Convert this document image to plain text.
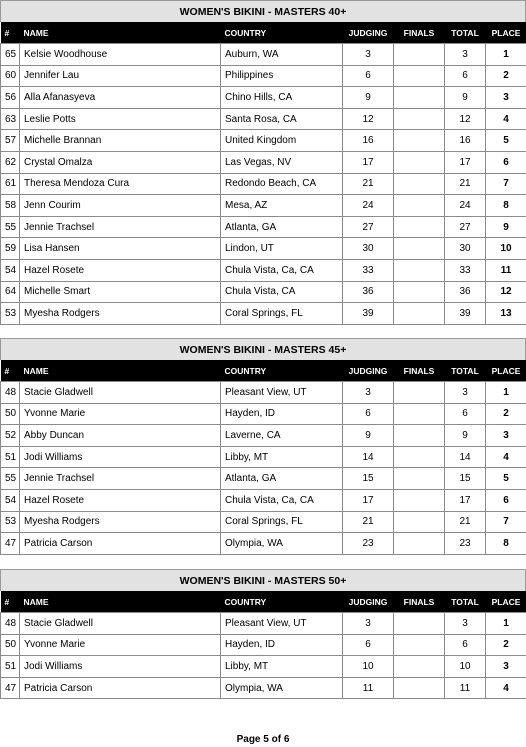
WOMEN'S BIKINI - MASTERS 40+
#	NAME	COUNTRY	JUDGING	FINALS	TOTAL	PLACE
65	Kelsie Woodhouse	Auburn, WA	3		3	1
60	Jennifer Lau	Philippines	6		6	2
56	Alla Afanasyeva	Chino Hills, CA	9		9	3
63	Leslie Potts	Santa Rosa, CA	12		12	4
57	Michelle Brannan	United Kingdom	16		16	5
62	Crystal Omalza	Las Vegas, NV	17		17	6
61	Theresa Mendoza Cura	Redondo Beach, CA	21		21	7
58	Jenn Courim	Mesa, AZ	24		24	8
55	Jennie Trachsel	Atlanta, GA	27		27	9
59	Lisa Hansen	Lindon, UT	30		30	10
54	Hazel Rosete	Chula Vista, Ca, CA	33		33	11
64	Michelle Smart	Chula Vista, CA	36		36	12
53	Myesha Rodgers	Coral Springs, FL	39		39	13
WOMEN'S BIKINI - MASTERS 45+
#	NAME	COUNTRY	JUDGING	FINALS	TOTAL	PLACE
48	Stacie Gladwell	Pleasant View, UT	3		3	1
50	Yvonne Marie	Hayden, ID	6		6	2
52	Abby Duncan	Laverne, CA	9		9	3
51	Jodi Williams	Libby, MT	14		14	4
55	Jennie Trachsel	Atlanta, GA	15		15	5
54	Hazel Rosete	Chula Vista, Ca, CA	17		17	6
53	Myesha Rodgers	Coral Springs, FL	21		21	7
47	Patricia Carson	Olympia, WA	23		23	8
WOMEN'S BIKINI - MASTERS 50+
#	NAME	COUNTRY	JUDGING	FINALS	TOTAL	PLACE
48	Stacie Gladwell	Pleasant View, UT	3		3	1
50	Yvonne Marie	Hayden, ID	6		6	2
51	Jodi Williams	Libby, MT	10		10	3
47	Patricia Carson	Olympia, WA	11		11	4
Page 5 of 6
